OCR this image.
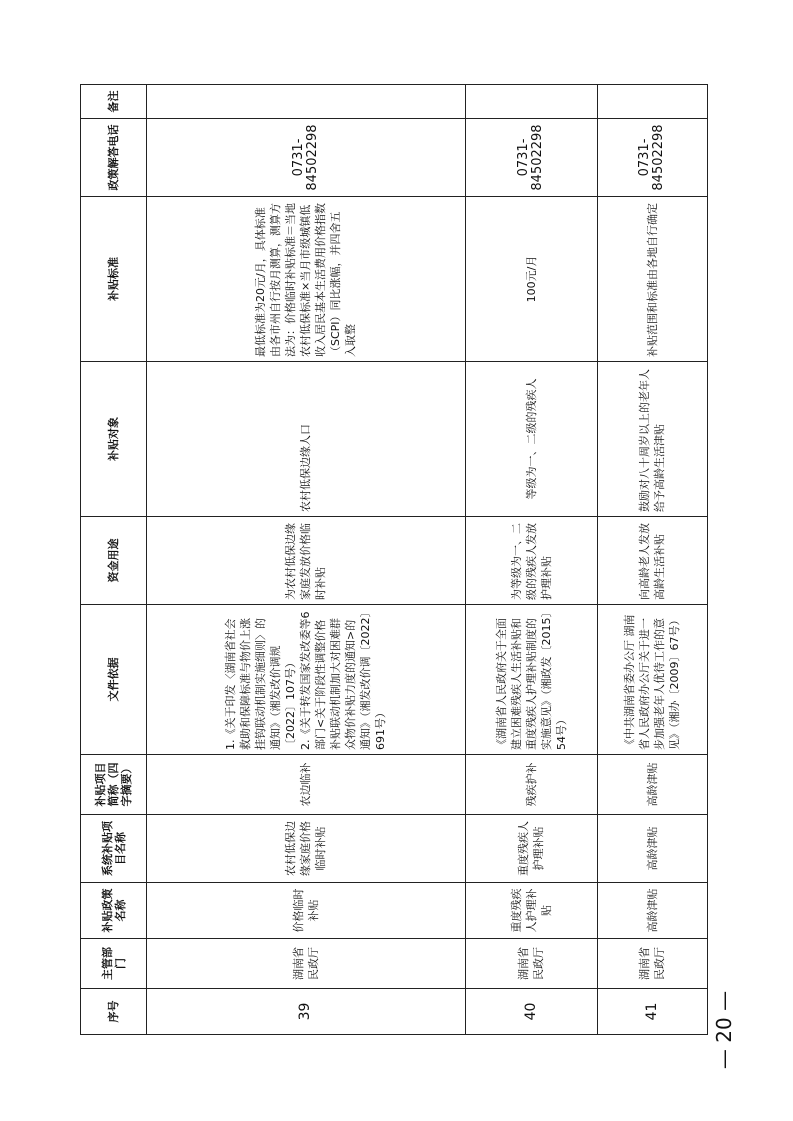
序号	主管部门	补贴政策名称	系统补贴项目名称	补贴项目简称（四字摘要）	文件依据	资金用途	补贴对象	补贴标准	政策解答电话	备注
39	湖南省民政厅	价格临时补贴	农村低保边缘家庭价格临时补贴	农边临补	1.《关于印发〈湖南省社会救助和保障标准与物价上涨挂钩联动机制实施细则〉的通知》（湘发改价调规〔2022〕107号）
2.《关于转发国家发改委等6部门<关于阶段性调整价格补贴联动机制加大对困难群众物价补贴力度的通知>的通知》（湘发改价调〔2022〕691号）	为农村低保边缘家庭发放价格临时补贴	农村低保边缘人口	最低标准为20元/月，具体标准由各市州自行按月测算，测算方法为：价格临时补贴标准＝当地农村低保标准×当月市级城镇低收入居民基本生活费用价格指数（SCPI）同比涨幅，并四舍五入取整	0731-84502298	
40	湖南省民政厅	重度残疾人护理补贴	重度残疾人护理补贴	残疾护补	《湖南省人民政府关于全面建立困难残疾人生活补贴和重度残疾人护理补贴制度的实施意见》（湘政发〔2015〕54号）	为等级为一、二级的残疾人发放护理补贴	等级为一、二级的残疾人	100元/月	0731-84502298	
41	湖南省民政厅	高龄津贴	高龄津贴	高龄津贴	《中共湖南省委办公厅 湖南省人民政府办公厅关于进一步加强老年人优待工作的意见》（湘办〔2009〕67号）	向高龄老人发放高龄生活补贴	鼓励对八十周岁以上的老年人给予高龄生活津贴	补贴范围和标准由各地自行确定	0731-84502298	
— 20 —
